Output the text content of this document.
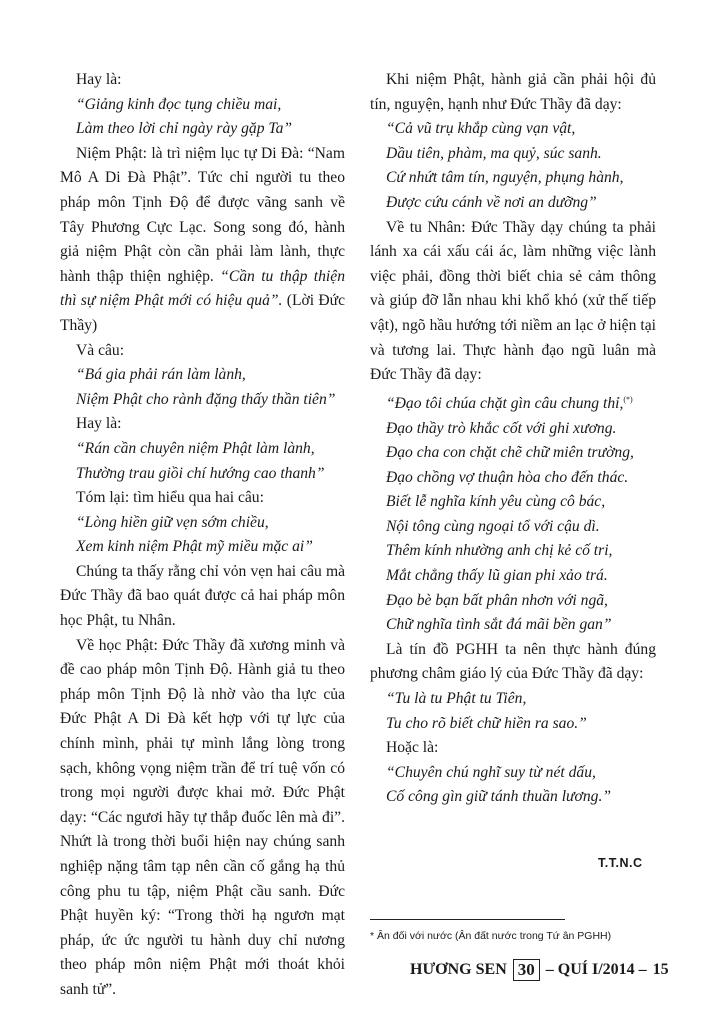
Hay là:

“Giảng kinh đọc tụng chiều mai,

Làm theo lời chỉ ngày rày gặp Ta”

Niệm Phật: là trì niệm lục tự Di Đà: “Nam Mô A Di Đà Phật”. Tức chỉ người tu theo pháp môn Tịnh Độ để được vãng sanh về Tây Phương Cực Lạc. Song song đó, hành giả niệm Phật còn cần phải làm lành, thực hành thập thiện nghiệp. “Cần tu thập thiện thì sự niệm Phật mới có hiệu quả”. (Lời Đức Thầy)

Và câu:

“Bá gia phải rán làm lành,

Niệm Phật cho rành đặng thấy thần tiên”

Hay là:

“Rán cần chuyên niệm Phật làm lành,

Thường trau giồi chí hướng cao thanh”

Tóm lại: tìm hiểu qua hai câu:

“Lòng hiền giữ vẹn sớm chiều,

Xem kinh niệm Phật mỹ miều mặc ai”

Chúng ta thấy rằng chỉ vỏn vẹn hai câu mà Đức Thầy đã bao quát được cả hai pháp môn học Phật, tu Nhân.

Về học Phật: Đức Thầy đã xương minh và đề cao pháp môn Tịnh Độ. Hành giả tu theo pháp môn Tịnh Độ là nhờ vào tha lực của Đức Phật A Di Đà kết hợp với tự lực của chính mình, phải tự mình lắng lòng trong sạch, không vọng niệm trần để trí tuệ vốn có trong mọi người được khai mở. Đức Phật dạy: “Các ngươi hãy tự thắp đuốc lên mà đi”. Nhứt là trong thời buổi hiện nay chúng sanh nghiệp nặng tâm tạp nên cần cố gắng hạ thủ công phu tu tập, niệm Phật cầu sanh. Đức Phật huyền ký: “Trong thời hạ ngươn mạt pháp, ức ức người tu hành duy chỉ nương theo pháp môn niệm Phật mới thoát khỏi sanh tử”.

Khi niệm Phật, hành giả cần phải hội đủ tín, nguyện, hạnh như Đức Thầy đã dạy:

“Cả vũ trụ khắp cùng vạn vật,

Dầu tiên, phàm, ma quỷ, súc sanh.

Cứ nhứt tâm tín, nguyện, phụng hành,

Được cứu cánh về nơi an dưỡng”

Về tu Nhân: Đức Thầy dạy chúng ta phải lánh xa cái xấu cái ác, làm những việc lành việc phải, đồng thời biết chia sẻ cảm thông và giúp đỡ lẫn nhau khi khổ khó (xử thế tiếp vật), ngõ hầu hướng tới niềm an lạc ở hiện tại và tương lai. Thực hành đạo ngũ luân mà Đức Thầy đã dạy:

“Đạo tôi chúa chặt gìn câu chung thỉ,(*)

Đạo thầy trò khắc cốt với ghi xương.

Đạo cha con chặt chẽ chữ miên trường,

Đạo chồng vợ thuận hòa cho đến thác.

Biết lễ nghĩa kính yêu cùng cô bác,

Nội tông cùng ngoại tổ với cậu dì.

Thêm kính nhường anh chị kẻ cố tri,

Mắt chẳng thấy lũ gian phi xảo trá.

Đạo bè bạn bất phân nhơn với ngã,

Chữ nghĩa tình sắt đá mãi bền gan”

Là tín đồ PGHH ta nên thực hành đúng phương châm giáo lý của Đức Thầy đã dạy:

“Tu là tu Phật tu Tiên,

Tu cho rõ biết chữ hiền ra sao.”

Hoặc là:

“Chuyên chú nghĩ suy từ nét dấu,

Cố công gìn giữ tánh thuần lương.”

T.T.N.C
* Ân đối với nước (Ân đất nước trong Tứ ân PGHH)
HƯƠNG SEN 30 – QUÍ I/2014 – 15
